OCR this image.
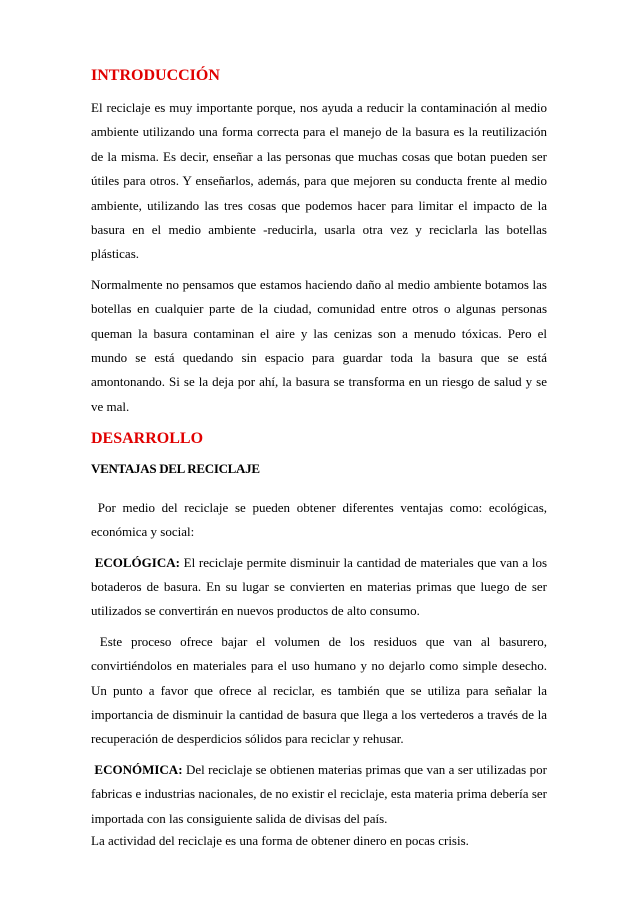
INTRODUCCIÓN

El reciclaje es muy importante porque, nos ayuda a reducir la contaminación al medio ambiente utilizando una forma correcta para el manejo de la basura es la reutilización de la misma. Es decir, enseñar a las personas que muchas cosas que botan pueden ser útiles para otros. Y enseñarlos, además, para que mejoren su conducta frente al medio ambiente, utilizando las tres cosas que podemos hacer para limitar el impacto de la basura en el medio ambiente -reducirla, usarla otra vez y reciclarla las botellas plásticas.

Normalmente no pensamos que estamos haciendo daño al medio ambiente botamos las botellas en cualquier parte de la ciudad, comunidad entre otros o algunas personas queman la basura contaminan el aire y las cenizas son a menudo tóxicas. Pero el mundo se está quedando sin espacio para guardar toda la basura que se está amontonando. Si se la deja por ahí, la basura se transforma en un riesgo de salud y se ve mal.

DESARROLLO
VENTAJAS DEL RECICLAJE

Por medio del reciclaje se pueden obtener diferentes ventajas como: ecológicas, económica y social:

ECOLÓGICA: El reciclaje permite disminuir la cantidad de materiales que van a los botaderos de basura. En su lugar se convierten en materias primas que luego de ser utilizados se convertirán en nuevos productos de alto consumo.

Este proceso ofrece bajar el volumen de los residuos que van al basurero, convirtiéndolos en materiales para el uso humano y no dejarlo como simple desecho. Un punto a favor que ofrece al reciclar, es también que se utiliza para señalar la importancia de disminuir la cantidad de basura que llega a los vertederos a través de la recuperación de desperdicios sólidos para reciclar y rehusar.

ECONÓMICA: Del reciclaje se obtienen materias primas que van a ser utilizadas por fabricas e industrias nacionales, de no existir el reciclaje, esta materia prima debería ser importada con las consiguiente salida de divisas del país.

La actividad del reciclaje es una forma de obtener dinero en pocas crisis.
